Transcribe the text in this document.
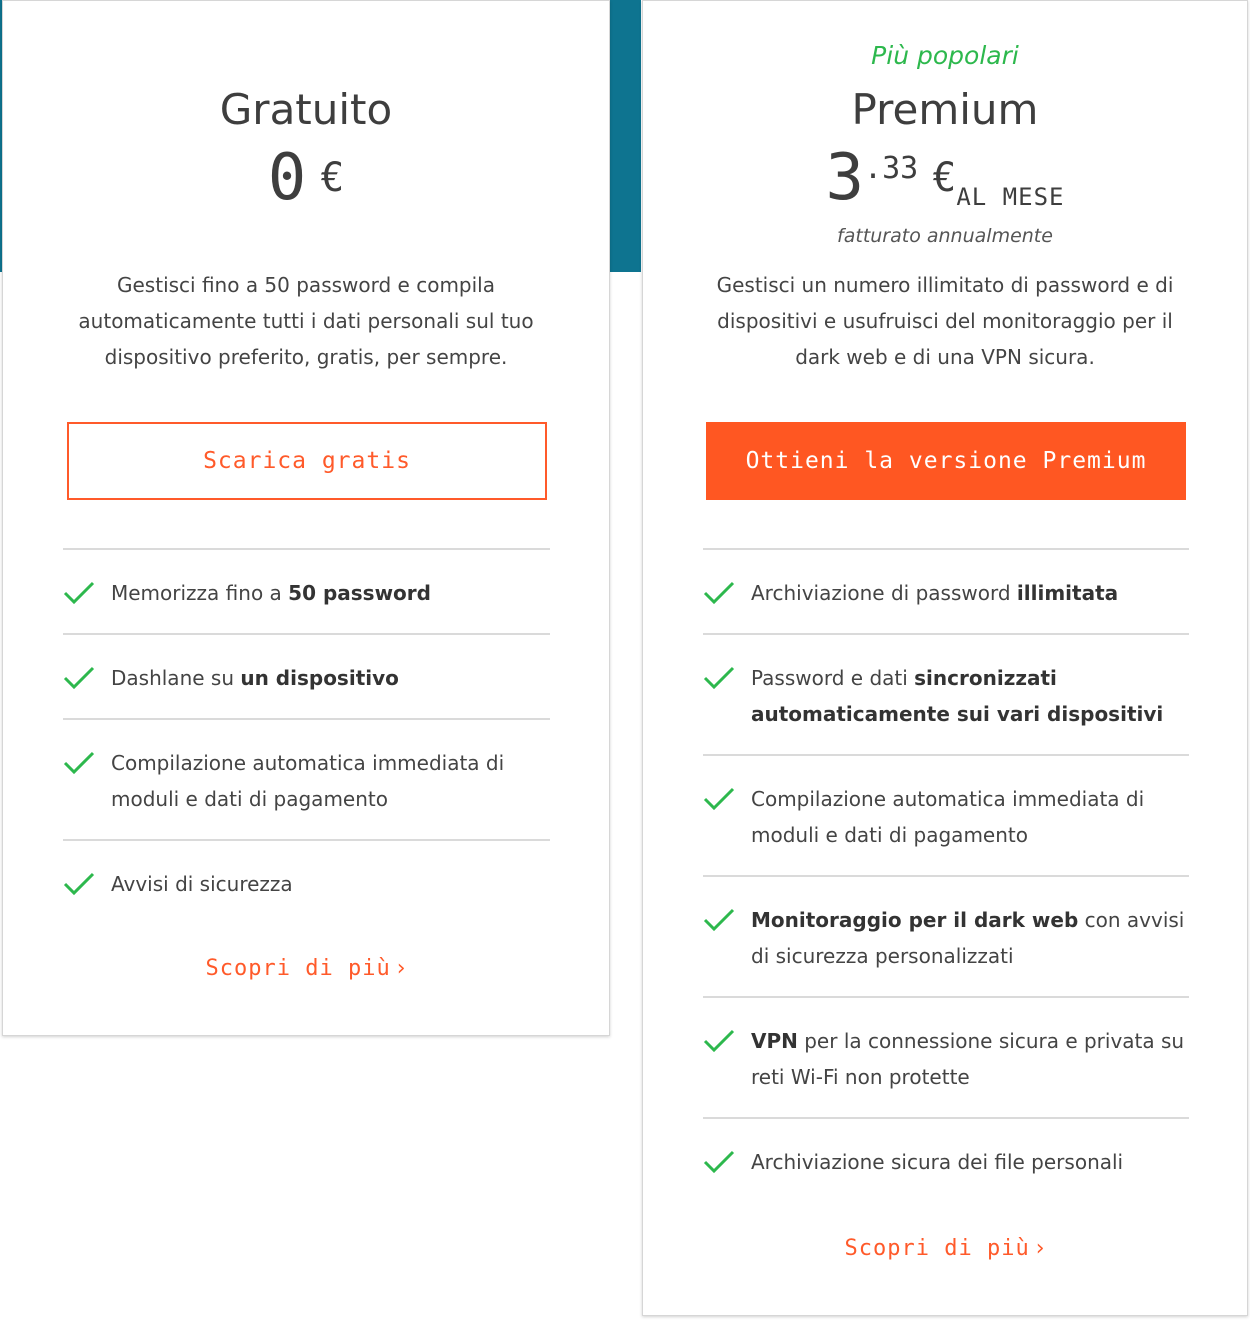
Gratuito
0 €
Gestisci fino a 50 password e compila automaticamente tutti i dati personali sul tuo dispositivo preferito, gratis, per sempre.
Scarica gratis
Memorizza fino a 50 password
Dashlane su un dispositivo
Compilazione automatica immediata di moduli e dati di pagamento
Avvisi di sicurezza
Scopri di più ›
Più popolari
Premium
3 .33 € AL MESE
fatturato annualmente
Gestisci un numero illimitato di password e di dispositivi e usufruisci del monitoraggio per il dark web e di una VPN sicura.
Ottieni la versione Premium
Archiviazione di password illimitata
Password e dati sincronizzati automaticamente sui vari dispositivi
Compilazione automatica immediata di moduli e dati di pagamento
Monitoraggio per il dark web con avvisi di sicurezza personalizzati
VPN per la connessione sicura e privata su reti Wi-Fi non protette
Archiviazione sicura dei file personali
Scopri di più ›
